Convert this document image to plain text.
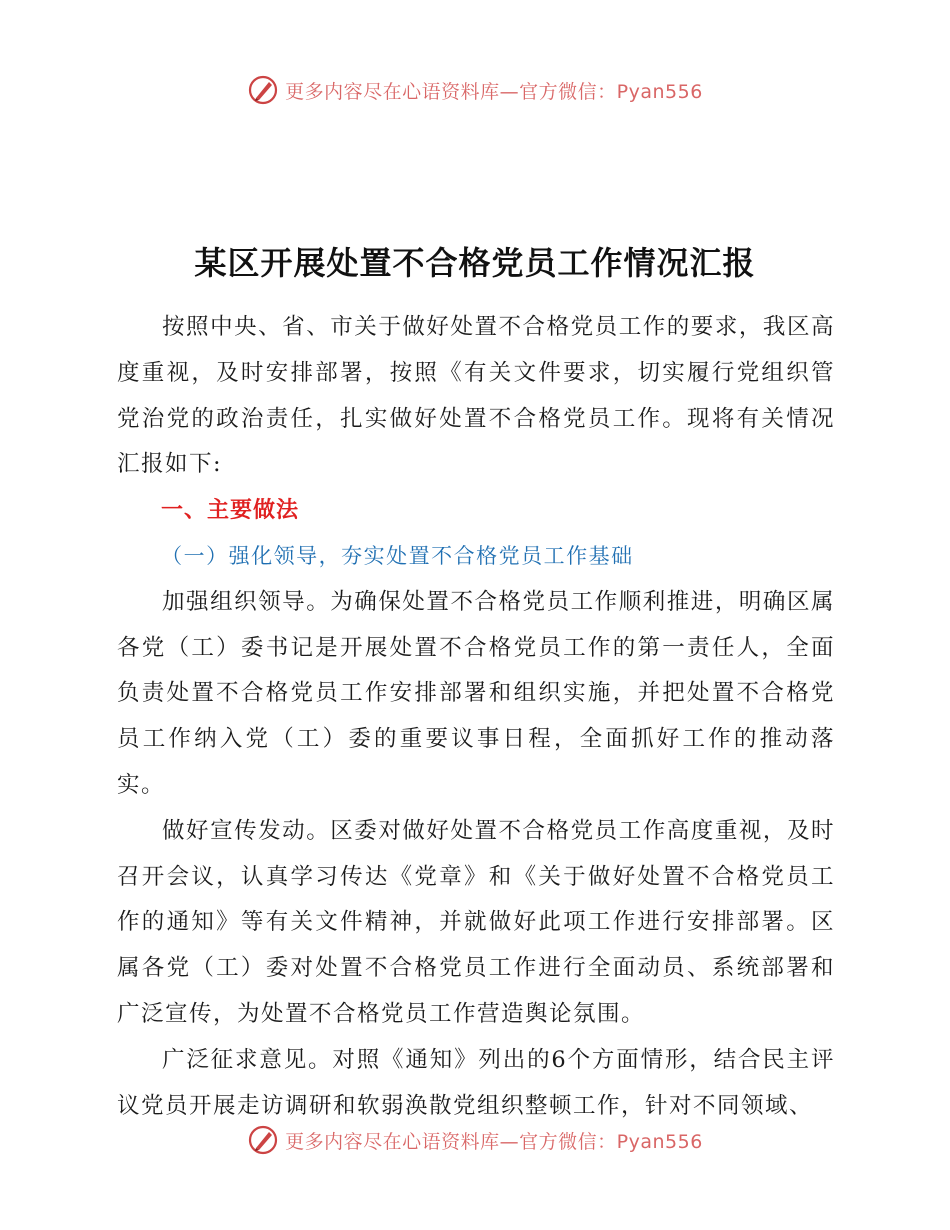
更多内容尽在心语资料库—官方微信：Pyan556
某区开展处置不合格党员工作情况汇报

按照中央、省、市关于做好处置不合格党员工作的要求，我区高度重视，及时安排部署，按照《有关文件要求，切实履行党组织管党治党的政治责任，扎实做好处置不合格党员工作。现将有关情况汇报如下:

一、主要做法

（一）强化领导，夯实处置不合格党员工作基础

加强组织领导。为确保处置不合格党员工作顺利推进，明确区属各党（工）委书记是开展处置不合格党员工作的第一责任人，全面负责处置不合格党员工作安排部署和组织实施，并把处置不合格党员工作纳入党（工）委的重要议事日程，全面抓好工作的推动落实。

做好宣传发动。区委对做好处置不合格党员工作高度重视，及时召开会议，认真学习传达《党章》和《关于做好处置不合格党员工作的通知》等有关文件精神，并就做好此项工作进行安排部署。区属各党（工）委对处置不合格党员工作进行全面动员、系统部署和广泛宣传，为处置不合格党员工作营造舆论氛围。

广泛征求意见。对照《通知》列出的6个方面情形，结合民主评议党员开展走访调研和软弱涣散党组织整顿工作，针对不同领域、

更多内容尽在心语资料库—官方微信：Pyan556
